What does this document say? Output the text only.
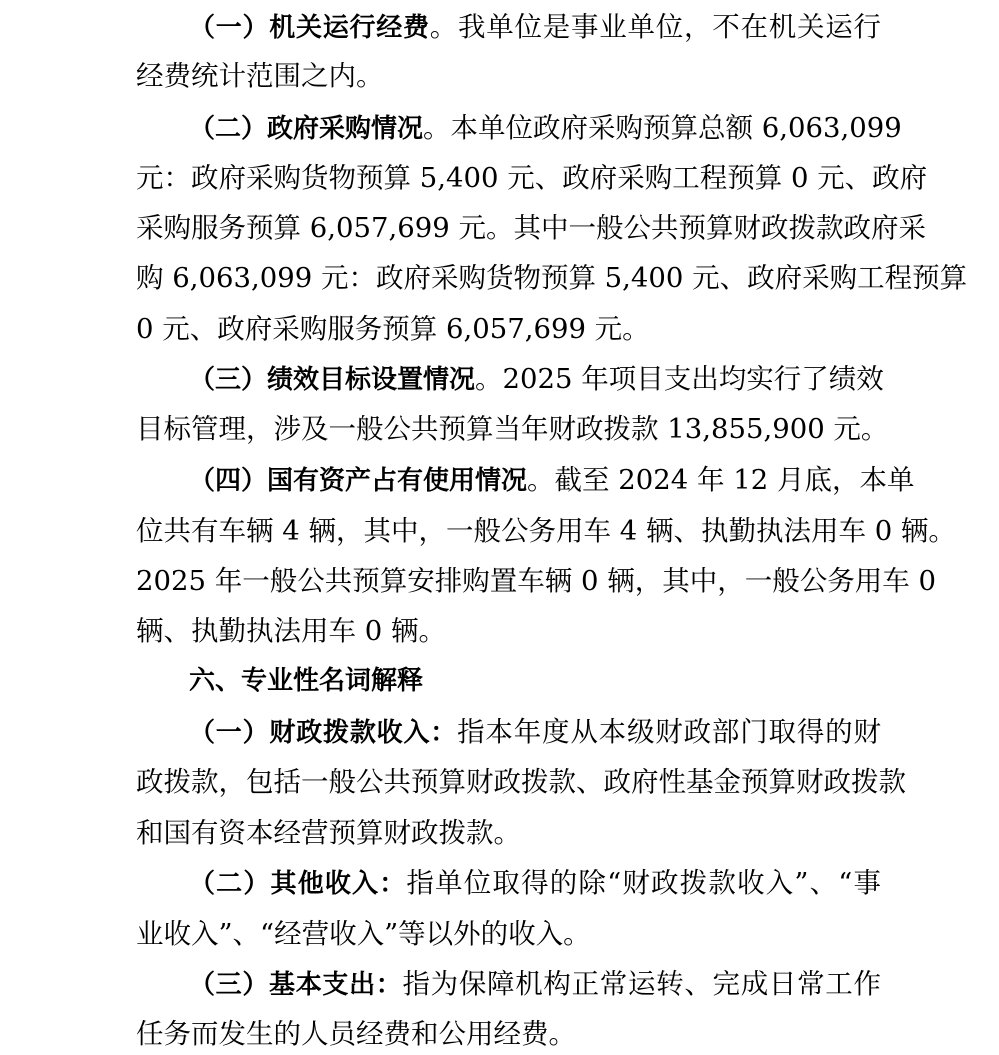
（一）机关运行经费。我单位是事业单位，不在机关运行
经费统计范围之内。
（二）政府采购情况。本单位政府采购预算总额 6,063,099
元：政府采购货物预算 5,400 元、政府采购工程预算 0 元、政府
采购服务预算 6,057,699 元。其中一般公共预算财政拨款政府采
购 6,063,099 元：政府采购货物预算 5,400 元、政府采购工程预算
0 元、政府采购服务预算 6,057,699 元。
（三）绩效目标设置情况。2025 年项目支出均实行了绩效
目标管理，涉及一般公共预算当年财政拨款 13,855,900 元。
（四）国有资产占有使用情况。截至 2024 年 12 月底，本单
位共有车辆 4 辆，其中，一般公务用车 4 辆、执勤执法用车 0 辆。
2025 年一般公共预算安排购置车辆 0 辆，其中，一般公务用车 0
辆、执勤执法用车 0 辆。
六、专业性名词解释
（一）财政拨款收入：指本年度从本级财政部门取得的财
政拨款，包括一般公共预算财政拨款、政府性基金预算财政拨款
和国有资本经营预算财政拨款。
（二）其他收入：指单位取得的除“财政拨款收入”、“事
业收入”、“经营收入”等以外的收入。
（三）基本支出：指为保障机构正常运转、完成日常工作
任务而发生的人员经费和公用经费。
